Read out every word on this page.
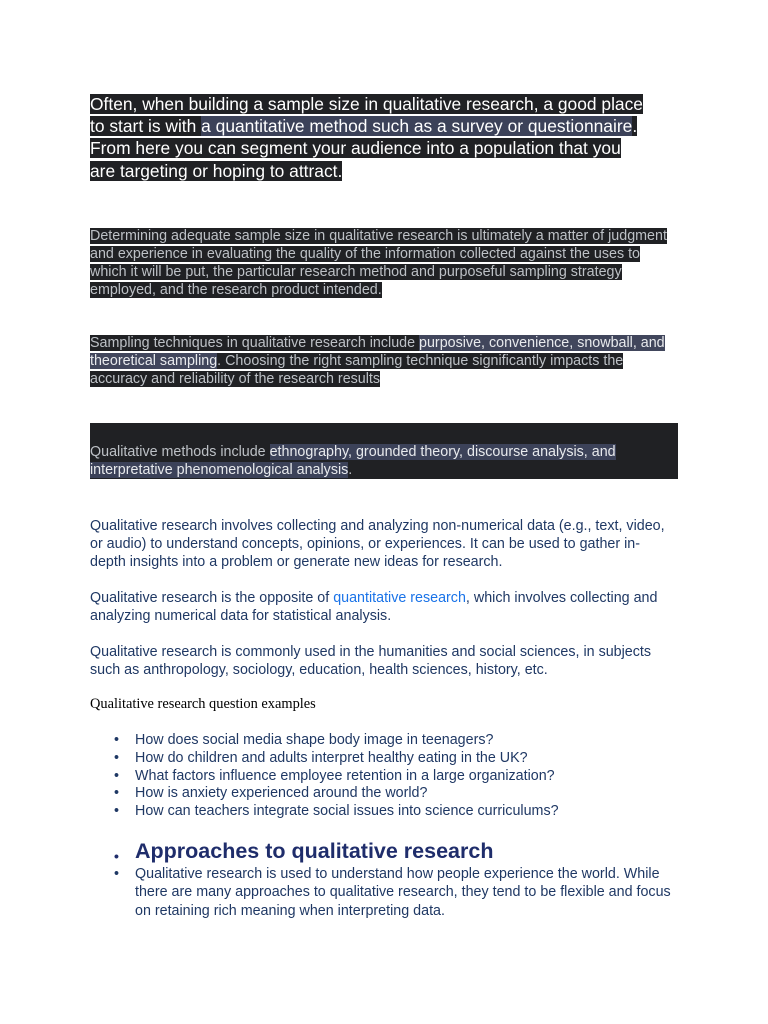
Often, when building a sample size in qualitative research, a good place to start is with a quantitative method such as a survey or questionnaire. From here you can segment your audience into a population that you are targeting or hoping to attract.
Determining adequate sample size in qualitative research is ultimately a matter of judgment and experience in evaluating the quality of the information collected against the uses to which it will be put, the particular research method and purposeful sampling strategy employed, and the research product intended.
Sampling techniques in qualitative research include purposive, convenience, snowball, and theoretical sampling. Choosing the right sampling technique significantly impacts the accuracy and reliability of the research results
Qualitative methods include ethnography, grounded theory, discourse analysis, and interpretative phenomenological analysis.
Qualitative research involves collecting and analyzing non-numerical data (e.g., text, video, or audio) to understand concepts, opinions, or experiences. It can be used to gather in-depth insights into a problem or generate new ideas for research.
Qualitative research is the opposite of quantitative research, which involves collecting and analyzing numerical data for statistical analysis.
Qualitative research is commonly used in the humanities and social sciences, in subjects such as anthropology, sociology, education, health sciences, history, etc.
Qualitative research question examples
• How does social media shape body image in teenagers?
• How do children and adults interpret healthy eating in the UK?
• What factors influence employee retention in a large organization?
• How is anxiety experienced around the world?
• How can teachers integrate social issues into science curriculums?
• Approaches to qualitative research
• Qualitative research is used to understand how people experience the world. While there are many approaches to qualitative research, they tend to be flexible and focus on retaining rich meaning when interpreting data.
